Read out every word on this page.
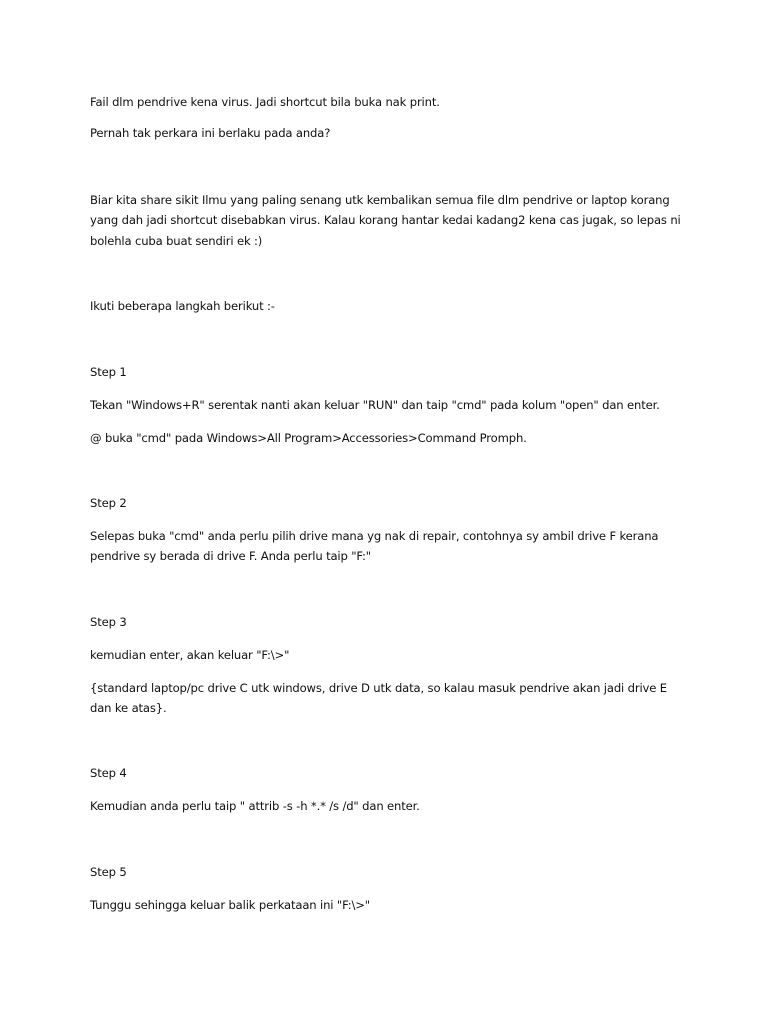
Fail dlm pendrive kena virus. Jadi shortcut bila buka nak print.
Pernah tak perkara ini berlaku pada anda?
Biar kita share sikit Ilmu yang paling senang utk kembalikan semua file dlm pendrive or laptop korang
yang dah jadi shortcut disebabkan virus. Kalau korang hantar kedai kadang2 kena cas jugak, so lepas ni
bolehla cuba buat sendiri ek :)
Ikuti beberapa langkah berikut :-
Step 1
Tekan "Windows+R" serentak nanti akan keluar "RUN" dan taip "cmd" pada kolum "open" dan enter.
@ buka "cmd" pada Windows>All Program>Accessories>Command Promph.
Step 2
Selepas buka "cmd" anda perlu pilih drive mana yg nak di repair, contohnya sy ambil drive F kerana
pendrive sy berada di drive F. Anda perlu taip "F:"
Step 3
kemudian enter, akan keluar "F:\>"
{standard laptop/pc drive C utk windows, drive D utk data, so kalau masuk pendrive akan jadi drive E
dan ke atas}.
Step 4
Kemudian anda perlu taip " attrib -s -h *.* /s /d" dan enter.
Step 5
Tunggu sehingga keluar balik perkataan ini "F:\>"
